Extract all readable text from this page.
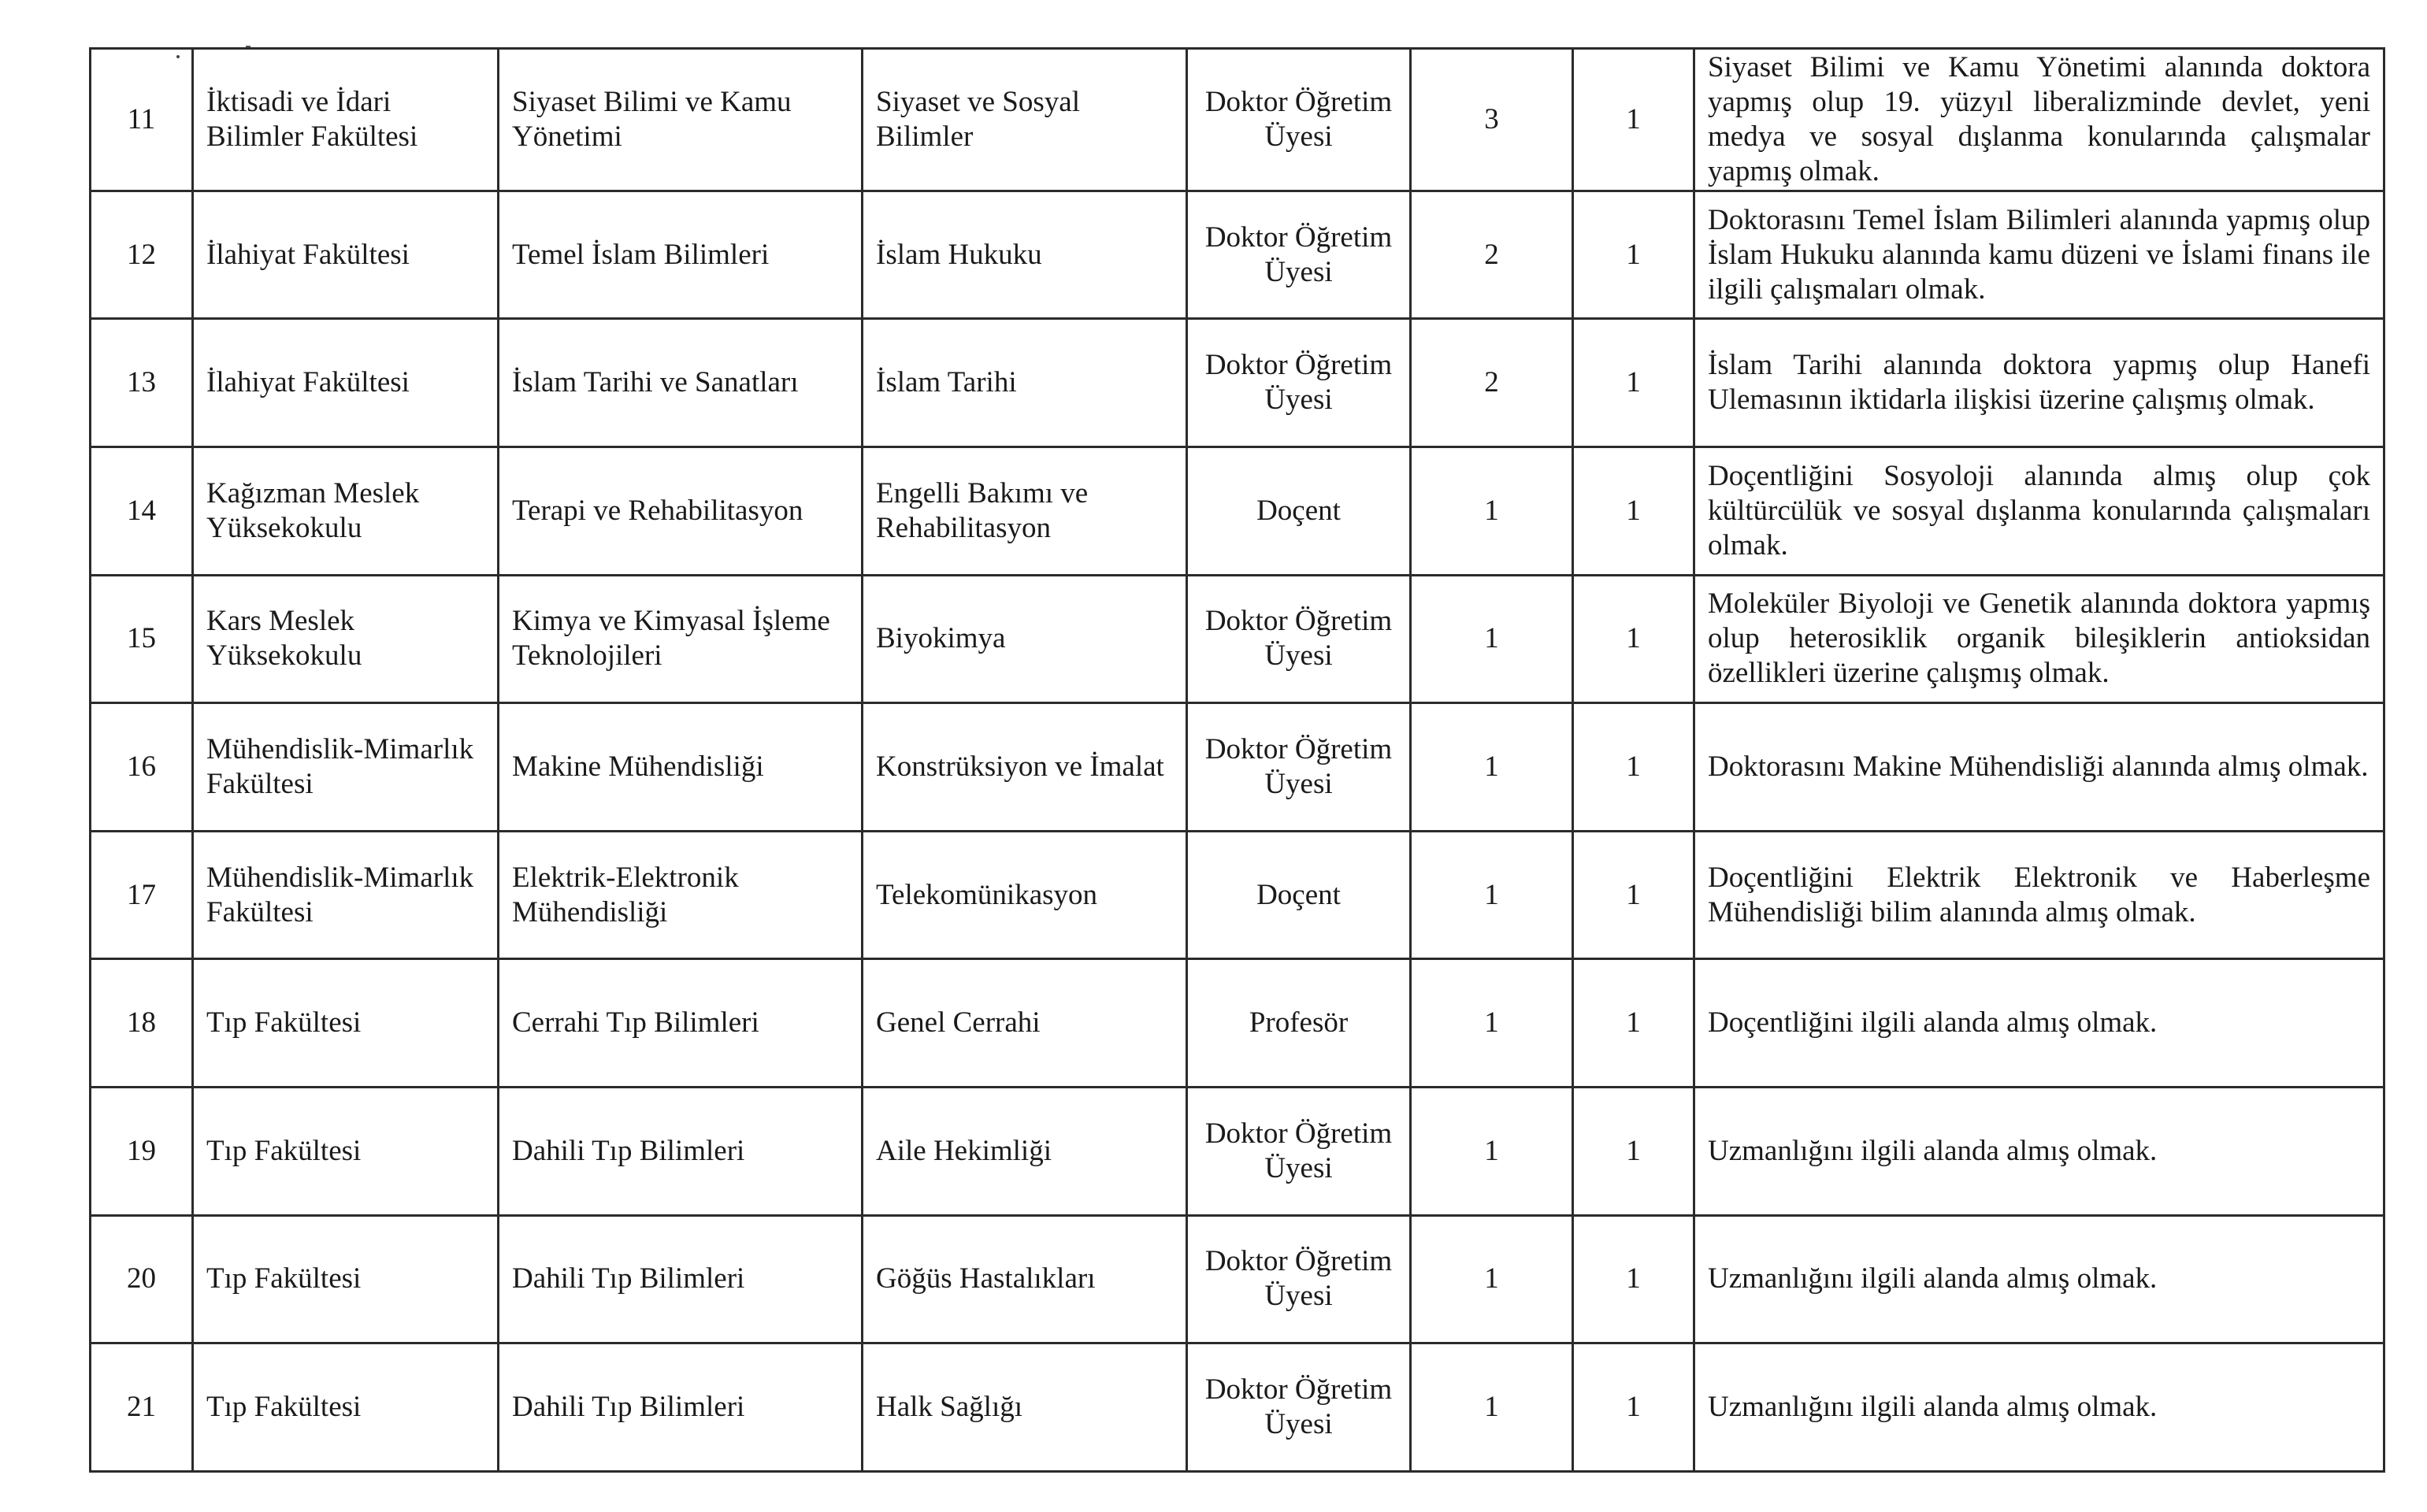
11	İktisadi ve İdari Bilimler Fakültesi	Siyaset Bilimi ve Kamu Yönetimi	Siyaset ve Sosyal Bilimler	Doktor Öğretim Üyesi	3	1	Siyaset Bilimi ve Kamu Yönetimi alanında doktora yapmış olup 19. yüzyıl liberalizminde devlet, yeni medya ve sosyal dışlanma konularında çalışmalar yapmış olmak.
12	İlahiyat Fakültesi	Temel İslam Bilimleri	İslam Hukuku	Doktor Öğretim Üyesi	2	1	Doktorasını Temel İslam Bilimleri alanında yapmış olup İslam Hukuku alanında kamu düzeni ve İslami finans ile ilgili çalışmaları olmak.
13	İlahiyat Fakültesi	İslam Tarihi ve Sanatları	İslam Tarihi	Doktor Öğretim Üyesi	2	1	İslam Tarihi alanında doktora yapmış olup Hanefi Ulemasının iktidarla ilişkisi üzerine çalışmış olmak.
14	Kağızman Meslek Yüksekokulu	Terapi ve Rehabilitasyon	Engelli Bakımı ve Rehabilitasyon	Doçent	1	1	Doçentliğini Sosyoloji alanında almış olup çok kültürcülük ve sosyal dışlanma konularında çalışmaları olmak.
15	Kars Meslek Yüksekokulu	Kimya ve Kimyasal İşleme Teknolojileri	Biyokimya	Doktor Öğretim Üyesi	1	1	Moleküler Biyoloji ve Genetik alanında doktora yapmış olup heterosiklik organik bileşiklerin antioksidan özellikleri üzerine çalışmış olmak.
16	Mühendislik-Mimarlık Fakültesi	Makine Mühendisliği	Konstrüksiyon ve İmalat	Doktor Öğretim Üyesi	1	1	Doktorasını Makine Mühendisliği alanında almış olmak.
17	Mühendislik-Mimarlık Fakültesi	Elektrik-Elektronik Mühendisliği	Telekomünikasyon	Doçent	1	1	Doçentliğini Elektrik Elektronik ve Haberleşme Mühendisliği bilim alanında almış olmak.
18	Tıp Fakültesi	Cerrahi Tıp Bilimleri	Genel Cerrahi	Profesör	1	1	Doçentliğini ilgili alanda almış olmak.
19	Tıp Fakültesi	Dahili Tıp Bilimleri	Aile Hekimliği	Doktor Öğretim Üyesi	1	1	Uzmanlığını ilgili alanda almış olmak.
20	Tıp Fakültesi	Dahili Tıp Bilimleri	Göğüs Hastalıkları	Doktor Öğretim Üyesi	1	1	Uzmanlığını ilgili alanda almış olmak.
21	Tıp Fakültesi	Dahili Tıp Bilimleri	Halk Sağlığı	Doktor Öğretim Üyesi	1	1	Uzmanlığını ilgili alanda almış olmak.
